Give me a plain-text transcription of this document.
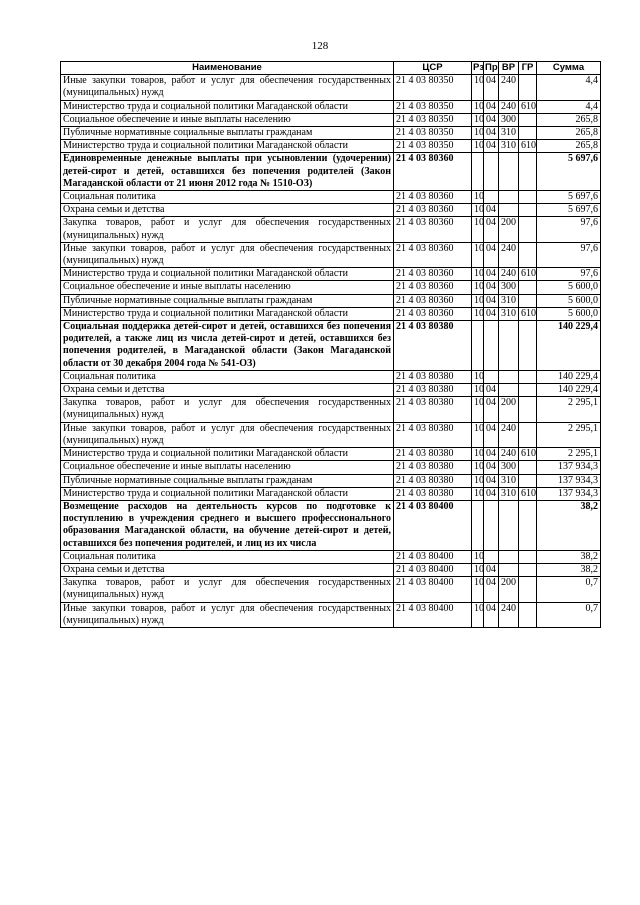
128
Наименование	ЦСР	Рз	Пр	ВР	ГР	Сумма
Иные закупки товаров, работ и услуг для обеспечения государственных (муниципальных) нужд	21 4 03 80350	10	04	240		4,4
Министерство труда и социальной политики Магаданской области	21 4 03 80350	10	04	240	610	4,4
Социальное обеспечение и иные выплаты населению	21 4 03 80350	10	04	300		265,8
Публичные нормативные социальные выплаты гражданам	21 4 03 80350	10	04	310		265,8
Министерство труда и социальной политики Магаданской области	21 4 03 80350	10	04	310	610	265,8
Единовременные денежные выплаты при усыновлении (удочерении) детей-сирот и детей, оставшихся без попечения родителей (Закон Магаданской области от 21 июня 2012 года № 1510-ОЗ)	21 4 03 80360					5 697,6
Социальная политика	21 4 03 80360	10				5 697,6
Охрана семьи и детства	21 4 03 80360	10	04			5 697,6
Закупка товаров, работ и услуг для обеспечения государственных (муниципальных) нужд	21 4 03 80360	10	04	200		97,6
Иные закупки товаров, работ и услуг для обеспечения государственных (муниципальных) нужд	21 4 03 80360	10	04	240		97,6
Министерство труда и социальной политики Магаданской области	21 4 03 80360	10	04	240	610	97,6
Социальное обеспечение и иные выплаты населению	21 4 03 80360	10	04	300		5 600,0
Публичные нормативные социальные выплаты гражданам	21 4 03 80360	10	04	310		5 600,0
Министерство труда и социальной политики Магаданской области	21 4 03 80360	10	04	310	610	5 600,0
Социальная поддержка детей-сирот и детей, оставшихся без попечения родителей, а также лиц из числа детей-сирот и детей, оставшихся без попечения родителей, в Магаданской области (Закон Магаданской области от 30 декабря 2004 года № 541-ОЗ)	21 4 03 80380					140 229,4
Социальная политика	21 4 03 80380	10				140 229,4
Охрана семьи и детства	21 4 03 80380	10	04			140 229,4
Закупка товаров, работ и услуг для обеспечения государственных (муниципальных) нужд	21 4 03 80380	10	04	200		2 295,1
Иные закупки товаров, работ и услуг для обеспечения государственных (муниципальных) нужд	21 4 03 80380	10	04	240		2 295,1
Министерство труда и социальной политики Магаданской области	21 4 03 80380	10	04	240	610	2 295,1
Социальное обеспечение и иные выплаты населению	21 4 03 80380	10	04	300		137 934,3
Публичные нормативные социальные выплаты гражданам	21 4 03 80380	10	04	310		137 934,3
Министерство труда и социальной политики Магаданской области	21 4 03 80380	10	04	310	610	137 934,3
Возмещение расходов на деятельность курсов по подготовке к поступлению в учреждения среднего и высшего профессионального образования Магаданской области, на обучение детей-сирот и детей, оставшихся без попечения родителей, и лиц из их числа	21 4 03 80400					38,2
Социальная политика	21 4 03 80400	10				38,2
Охрана семьи и детства	21 4 03 80400	10	04			38,2
Закупка товаров, работ и услуг для обеспечения государственных (муниципальных) нужд	21 4 03 80400	10	04	200		0,7
Иные закупки товаров, работ и услуг для обеспечения государственных (муниципальных) нужд	21 4 03 80400	10	04	240		0,7
